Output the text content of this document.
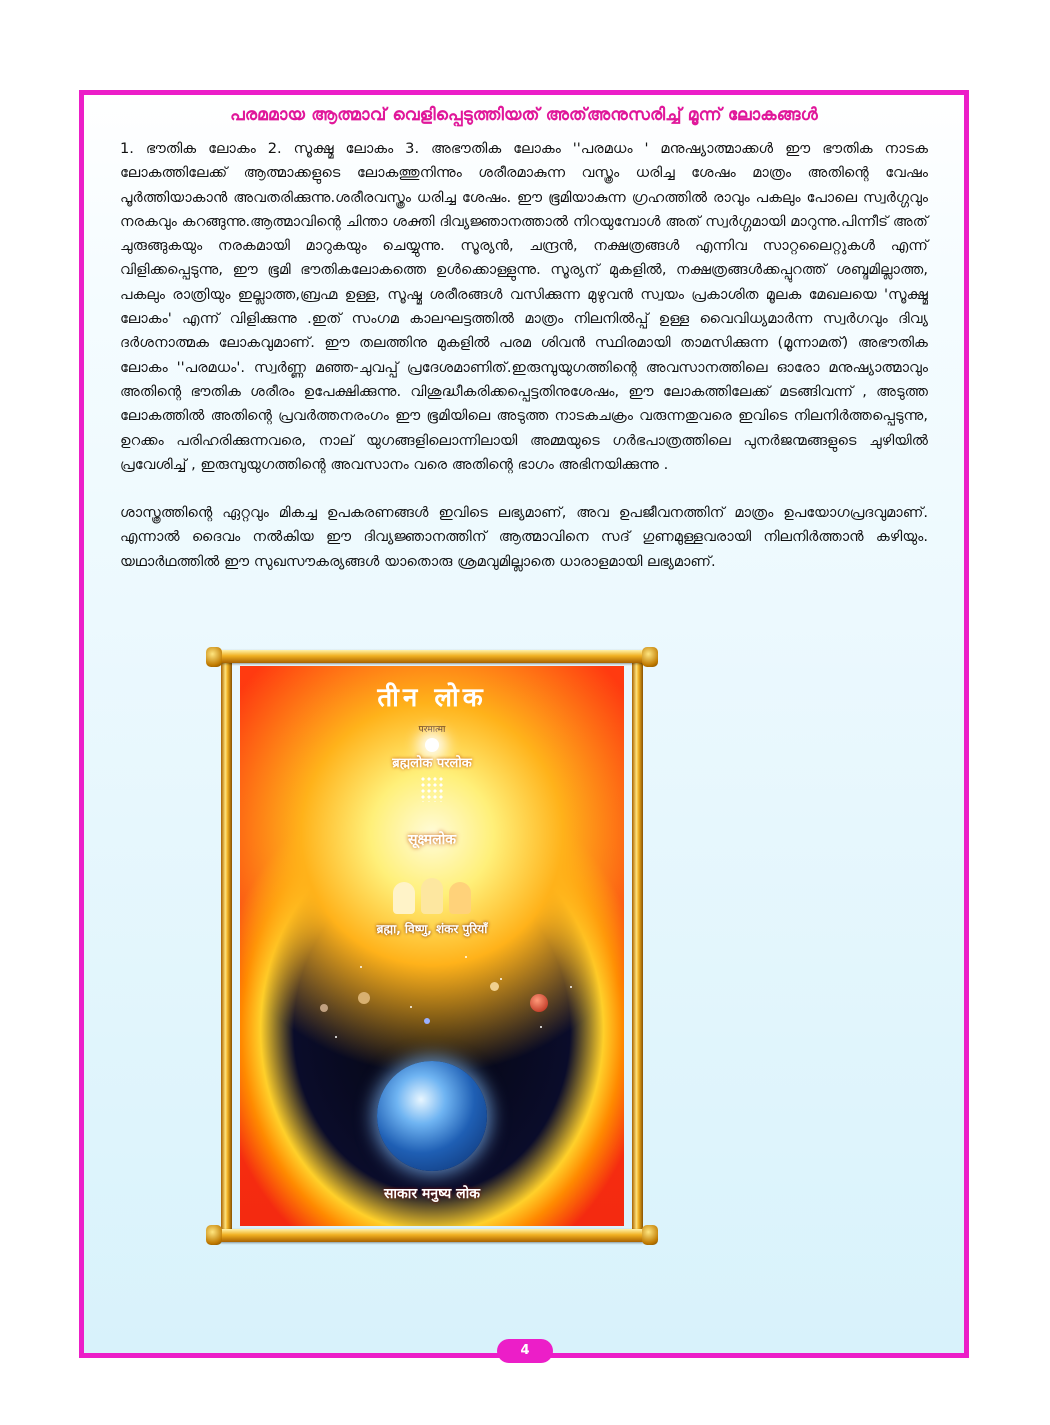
പരമമായ ആത്മാവ് വെളിപ്പെടുത്തിയത് അത്അനുസരിച്ച് മൂന്ന് ലോകങ്ങൾ

1. ഭൗതിക ലോകം 2. സൂക്ഷ്മ ലോകം 3. അഭൗതിക ലോകം ''പരമധം ' മനുഷ്യാത്മാക്കൾ ഈ ഭൗതിക നാടക ലോകത്തിലേക്ക് ആത്മാക്കളുടെ ലോകത്തുനിന്നും ശരീരമാകുന്ന വസ്ത്രം ധരിച്ച ശേഷം മാത്രം അതിന്റെ വേഷം പൂർത്തിയാകാൻ അവതരിക്കുന്നു.ശരീരവസ്ത്രം ധരിച്ച ശേഷം. ഈ ഭൂമിയാകുന്ന ഗ്രഹത്തിൽ രാവും പകലും പോലെ സ്വർഗ്ഗവും നരകവും കറങ്ങുന്നു.ആത്മാവിന്റെ ചിന്താ ശക്തി ദിവ്യജ്ഞാനത്താൽ നിറയുമ്പോൾ അത് സ്വർഗ്ഗമായി മാറുന്നു.പിന്നീട് അത് ചുരുങ്ങുകയും നരകമായി മാറുകയും ചെയ്യുന്നു. സൂര്യൻ, ചന്ദ്രൻ, നക്ഷത്രങ്ങൾ എന്നിവ സാറ്റലൈറ്റുകൾ എന്ന് വിളിക്കപ്പെടുന്നു, ഈ ഭൂമി ഭൗതികലോകത്തെ ഉൾക്കൊള്ളുന്നു. സൂര്യന് മുകളിൽ, നക്ഷത്രങ്ങൾക്കപ്പുറത്ത് ശബ്ദമില്ലാത്ത, പകലും രാത്രിയും ഇല്ലാത്ത,ബ്രഹ്മ ഉള്ള, സൂഷ്മ ശരീരങ്ങൾ വസിക്കുന്ന മുഴുവൻ സ്വയം പ്രകാശിത മൂലക മേഖലയെ 'സൂക്ഷ്മ ലോകം' എന്ന് വിളിക്കുന്നു .ഇത് സംഗമ കാലഘട്ടത്തിൽ മാത്രം നിലനിൽപ്പ് ഉള്ള വൈവിധ്യമാർന്ന സ്വർഗവും ദിവ്യ ദർശനാത്മക ലോകവുമാണ്. ഈ തലത്തിനു മുകളിൽ പരമ ശിവൻ സ്ഥിരമായി താമസിക്കുന്ന (മൂന്നാമത്) അഭൗതിക ലോകം ''പരമധം'. സ്വർണ്ണ മഞ്ഞ-ചുവപ്പ് പ്രദേശമാണിത്.ഇരുമ്പുയുഗത്തിന്റെ അവസാനത്തിലെ ഓരോ മനുഷ്യാത്മാവും അതിന്റെ ഭൗതിക ശരീരം ഉപേക്ഷിക്കുന്നു. വിശുദ്ധീകരിക്കപ്പെട്ടതിനുശേഷം, ഈ ലോകത്തിലേക്ക് മടങ്ങിവന്ന് , അടുത്ത ലോകത്തിൽ അതിന്റെ പ്രവർത്തനരംഗം ഈ ഭൂമിയിലെ അടുത്ത നാടകചക്രം വരുന്നതുവരെ ഇവിടെ നിലനിർത്തപ്പെടുന്നു, ഉറക്കം പരിഹരിക്കുന്നവരെ, നാല് യുഗങ്ങളിലൊന്നിലായി അമ്മയുടെ ഗർഭപാത്രത്തിലെ പുനർജന്മങ്ങളുടെ ചുഴിയിൽ പ്രവേശിച്ച് , ഇരുമ്പുയുഗത്തിന്റെ അവസാനം വരെ അതിന്റെ ഭാഗം അഭിനയിക്കുന്നു .

ശാസ്ത്രത്തിന്റെ ഏറ്റവും മികച്ച ഉപകരണങ്ങൾ ഇവിടെ ലഭ്യമാണ്, അവ ഉപജീവനത്തിന് മാത്രം ഉപയോഗപ്രദവുമാണ്. എന്നാൽ ദൈവം നൽകിയ ഈ ദിവ്യജ്ഞാനത്തിന് ആത്മാവിനെ സദ് ഗുണമുള്ളവരായി നിലനിർത്താൻ കഴിയും. യഥാർഥത്തിൽ ഈ സുഖസൗകര്യങ്ങൾ യാതൊരു ശ്രമവുമില്ലാതെ ധാരാളമായി ലഭ്യമാണ്.

तीन लोक
परमात्मा
ब्रह्मलोक परलोक
सूक्ष्मलोक
ब्रह्मा, विष्णु, शंकर पुरियाँ
साकार मनुष्य लोक
4
